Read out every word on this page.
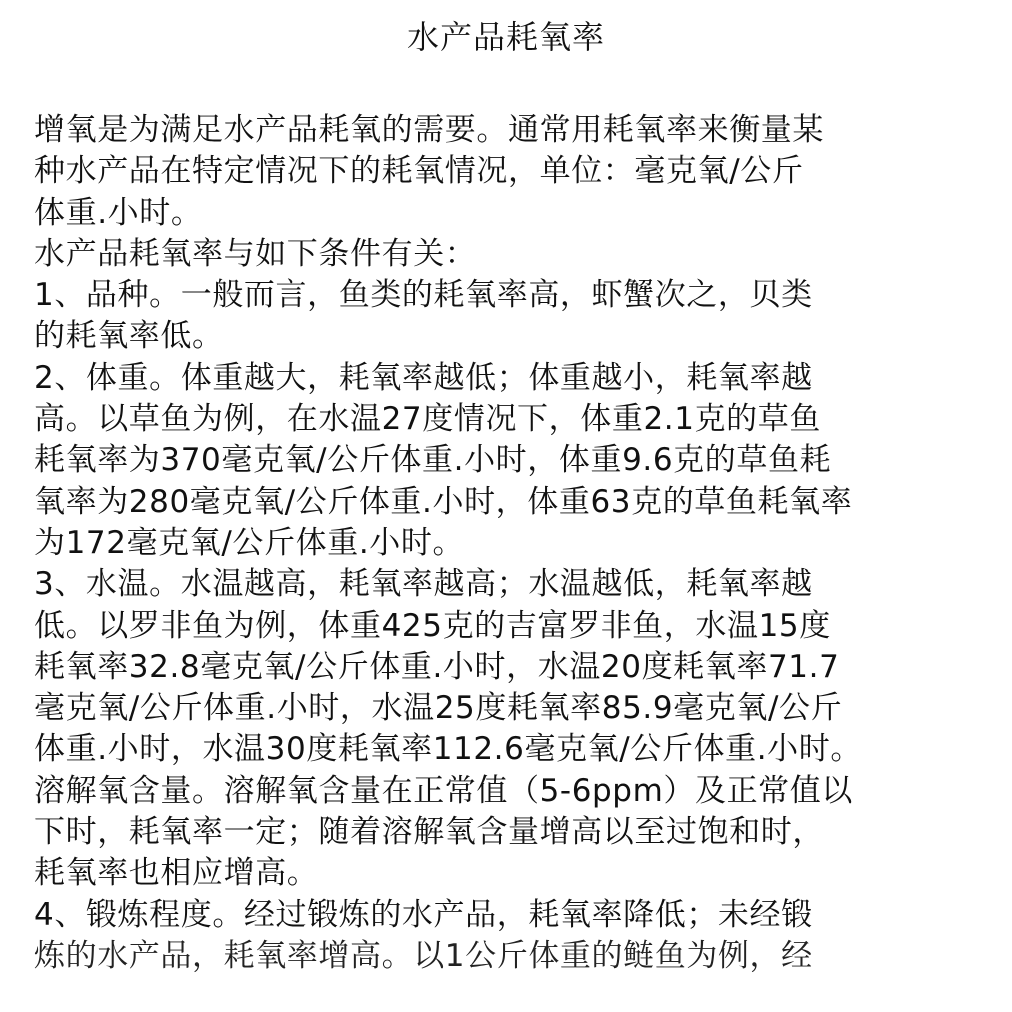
水产品耗氧率
增氧是为满足水产品耗氧的需要。通常用耗氧率来衡量某
种水产品在特定情况下的耗氧情况，单位：毫克氧/公斤
体重.小时。
水产品耗氧率与如下条件有关：
1、品种。一般而言，鱼类的耗氧率高，虾蟹次之，贝类
的耗氧率低。
2、体重。体重越大，耗氧率越低；体重越小，耗氧率越
高。以草鱼为例，在水温27度情况下，体重2.1克的草鱼
耗氧率为370毫克氧/公斤体重.小时，体重9.6克的草鱼耗
氧率为280毫克氧/公斤体重.小时，体重63克的草鱼耗氧率
为172毫克氧/公斤体重.小时。
3、水温。水温越高，耗氧率越高；水温越低，耗氧率越
低。以罗非鱼为例，体重425克的吉富罗非鱼，水温15度
耗氧率32.8毫克氧/公斤体重.小时，水温20度耗氧率71.7
毫克氧/公斤体重.小时，水温25度耗氧率85.9毫克氧/公斤
体重.小时，水温30度耗氧率112.6毫克氧/公斤体重.小时。
溶解氧含量。溶解氧含量在正常值（5-6ppm）及正常值以
下时，耗氧率一定；随着溶解氧含量增高以至过饱和时，
耗氧率也相应增高。
4、锻炼程度。经过锻炼的水产品，耗氧率降低；未经锻
炼的水产品，耗氧率增高。以1公斤体重的鲢鱼为例，经
